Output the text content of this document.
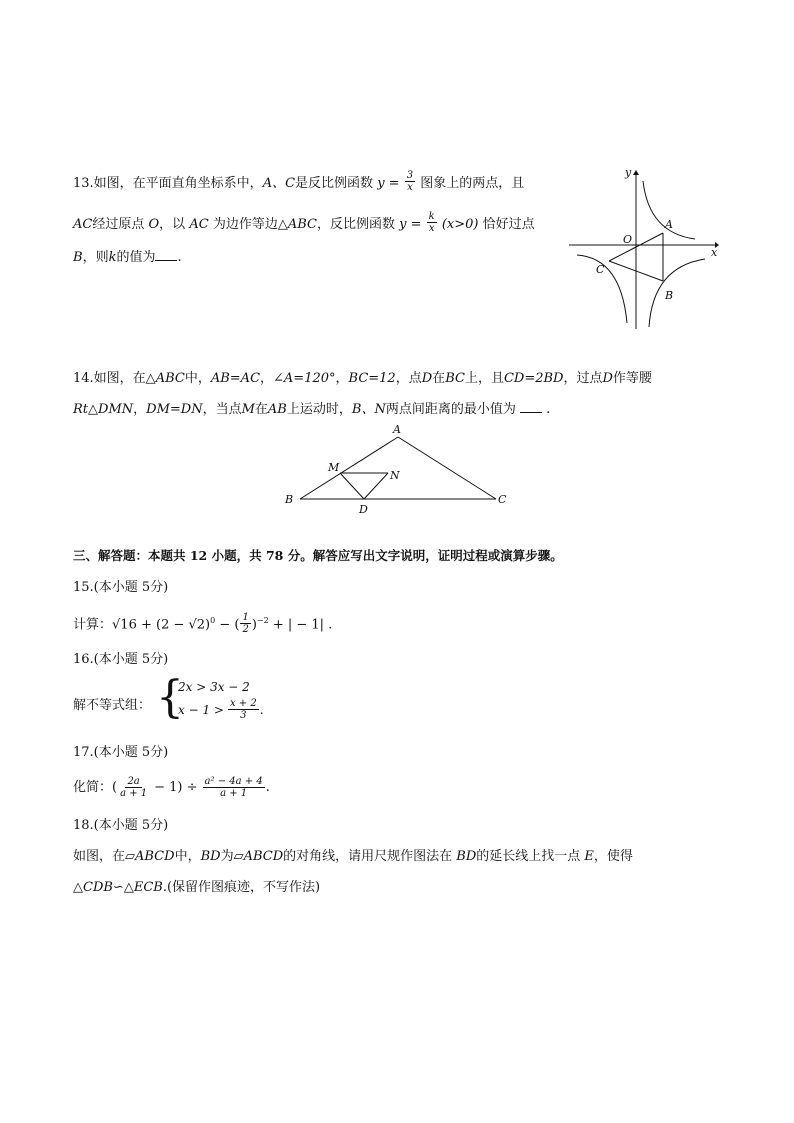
13.如图，在平面直角坐标系中，A、C是反比例函数 $y = \frac{3}{x}$ 图象上的两点，且
AC经过原点 O，以 AC 为边作等边△ABC，反比例函数 $y = \frac{k}{x} (x>0)$ 恰好过点
B，则k的值为 .
y
x
O
A
B
C
14.如图，在△ABC中，AB=AC，∠A=120°，BC=12，点D在BC上，且CD=2BD，过点D作等腰
Rt△DMN，DM=DN，当点M在AB上运动时，B、N两点间距离的最小值为 .
A
B	C
D
M
N
三、解答题：本题共 12 小题，共 78 分。解答应写出文字说明，证明过程或演算步骤。
15.(本小题 5分)
计算：$√16 + (2 - √2)^0$ − ( $\frac{1}{2} )^{-2}$ + | − 1| .
16.(本小题 5分)
解不等式组： {
2x > 3x − 2
$x - 1 > \frac{x + 2}{3}$ .
17.(本小题 5分)
化简：( $\frac{2a}{a + 1} - 1) \div \frac{\text{a² − 4a + 4}}{a + 1}$ .
18.(本小题 5分)
如图，在▱ABCD中，BD为▱ABCD的对角线，请用尺规作图法在 BD的延长线上找一点 E，使得
△CDB∽△ECB.(保留作图痕迹，不写作法)
